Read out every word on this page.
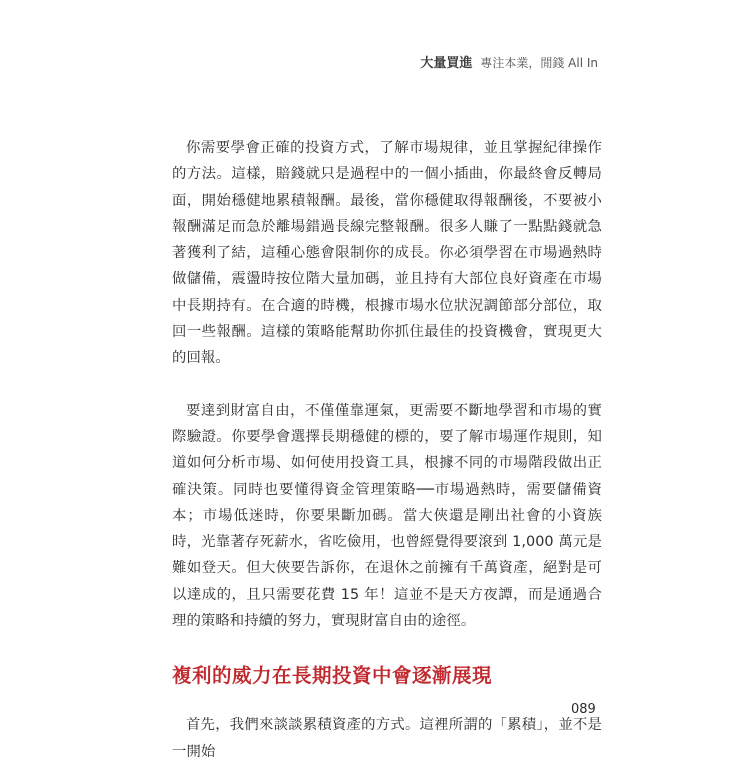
大量買進 專注本業，閒錢 All In

你需要學會正確的投資方式，了解市場規律，並且掌握紀律操作的方法。這樣，賠錢就只是過程中的一個小插曲，你最終會反轉局面，開始穩健地累積報酬。最後，當你穩健取得報酬後，不要被小報酬滿足而急於離場錯過長線完整報酬。很多人賺了一點點錢就急著獲利了結，這種心態會限制你的成長。你必須學習在市場過熱時做儲備，震盪時按位階大量加碼，並且持有大部位良好資產在市場中長期持有。在合適的時機，根據市場水位狀況調節部分部位，取回一些報酬。這樣的策略能幫助你抓住最佳的投資機會，實現更大的回報。

要達到財富自由，不僅僅靠運氣，更需要不斷地學習和市場的實際驗證。你要學會選擇長期穩健的標的，要了解市場運作規則，知道如何分析市場、如何使用投資工具，根據不同的市場階段做出正確決策。同時也要懂得資金管理策略──市場過熱時，需要儲備資本；市場低迷時，你要果斷加碼。當大俠還是剛出社會的小資族時，光靠著存死薪水，省吃儉用，也曾經覺得要滾到 1,000 萬元是難如登天。但大俠要告訴你，在退休之前擁有千萬資產，絕對是可以達成的，且只需要花費 15 年！這並不是天方夜譚，而是通過合理的策略和持續的努力，實現財富自由的途徑。

複利的威力在長期投資中會逐漸展現

首先，我們來談談累積資產的方式。這裡所謂的「累積」，並不是一開始

089
